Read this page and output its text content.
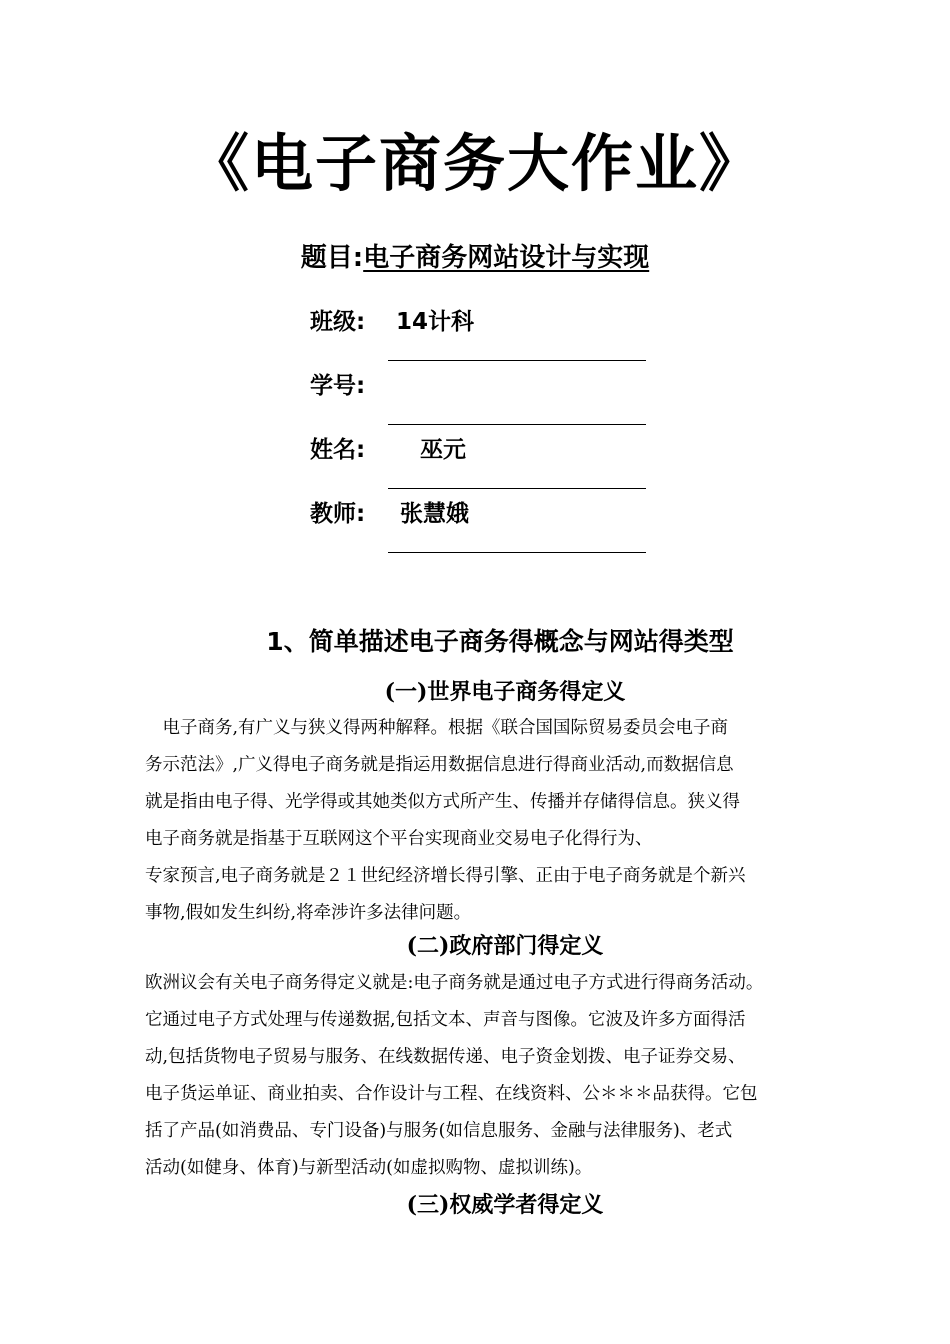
《电子商务大作业》
题目:电子商务网站设计与实现
班级: 14计科
学号:
姓名: 巫元
教师: 张慧娥
1、简单描述电子商务得概念与网站得类型
(一)世界电子商务得定义
　电子商务,有广义与狭义得两种解释。根据《联合国国际贸易委员会电子商
务示范法》,广义得电子商务就是指运用数据信息进行得商业活动,而数据信息
就是指由电子得、光学得或其她类似方式所产生、传播并存储得信息。狭义得
电子商务就是指基于互联网这个平台实现商业交易电子化得行为、
专家预言,电子商务就是２１世纪经济增长得引擎、正由于电子商务就是个新兴
事物,假如发生纠纷,将牵涉许多法律问题。
(二)政府部门得定义
欧洲议会有关电子商务得定义就是:电子商务就是通过电子方式进行得商务活动。
它通过电子方式处理与传递数据,包括文本、声音与图像。它波及许多方面得活
动,包括货物电子贸易与服务、在线数据传递、电子资金划拨、电子证券交易、
电子货运单证、商业拍卖、合作设计与工程、在线资料、公＊＊＊品获得。它包
括了产品(如消费品、专门设备)与服务(如信息服务、金融与法律服务)、老式
活动(如健身、体育)与新型活动(如虚拟购物、虚拟训练)。
(三)权威学者得定义
